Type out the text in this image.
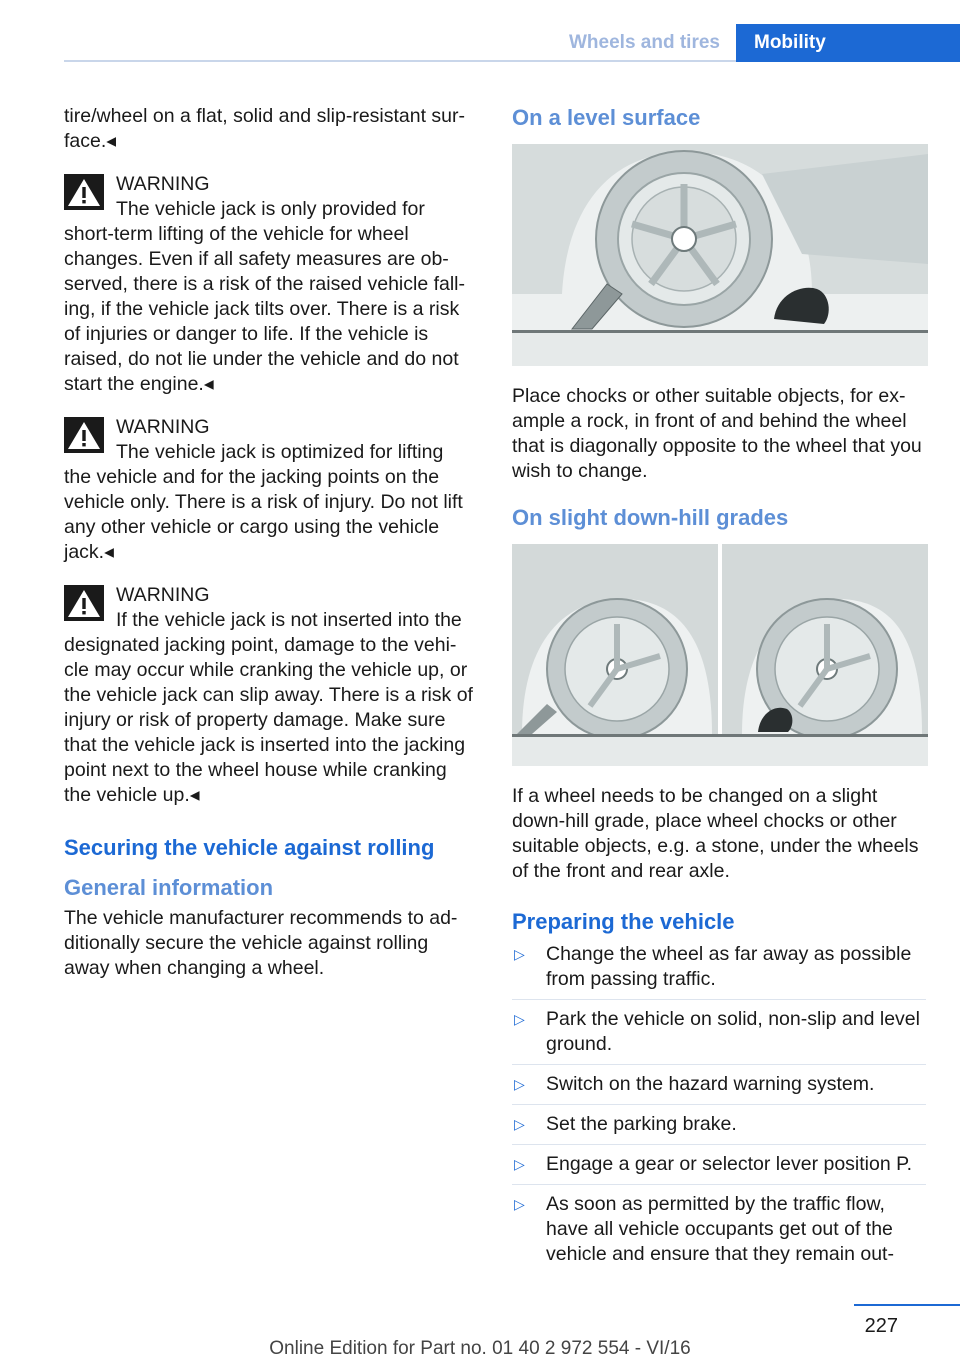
Wheels and tires	Mobility

tire/wheel on a flat, solid and slip-resistant sur-face.◂

WARNING
The vehicle jack is only provided for
short-term lifting of the vehicle for wheel changes. Even if all safety measures are ob-served, there is a risk of the raised vehicle fall-ing, if the vehicle jack tilts over. There is a risk of injuries or danger to life. If the vehicle is raised, do not lie under the vehicle and do not start the engine.◂
WARNING
The vehicle jack is optimized for lifting
the vehicle and for the jacking points on the vehicle only. There is a risk of injury. Do not lift any other vehicle or cargo using the vehicle jack.◂
WARNING
If the vehicle jack is not inserted into the
designated jacking point, damage to the vehi-cle may occur while cranking the vehicle up, or the vehicle jack can slip away. There is a risk of injury or risk of property damage. Make sure that the vehicle jack is inserted into the jacking point next to the wheel house while cranking the vehicle up.◂
Securing the vehicle against rolling
General information

The vehicle manufacturer recommends to ad-ditionally secure the vehicle against rolling away when changing a wheel.

On a level surface

Place chocks or other suitable objects, for ex-ample a rock, in front of and behind the wheel that is diagonally opposite to the wheel that you wish to change.

On slight down-hill grades

If a wheel needs to be changed on a slight down-hill grade, place wheel chocks or other suitable objects, e.g. a stone, under the wheels of the front and rear axle.

Preparing the vehicle
▷ Change the wheel as far away as possible from passing traffic.
▷ Park the vehicle on solid, non-slip and level ground.
▷ Switch on the hazard warning system.
▷ Set the parking brake.
▷ Engage a gear or selector lever position P.
▷ As soon as permitted by the traffic flow, have all vehicle occupants get out of the vehicle and ensure that they remain out-
227
Online Edition for Part no. 01 40 2 972 554 - VI/16
